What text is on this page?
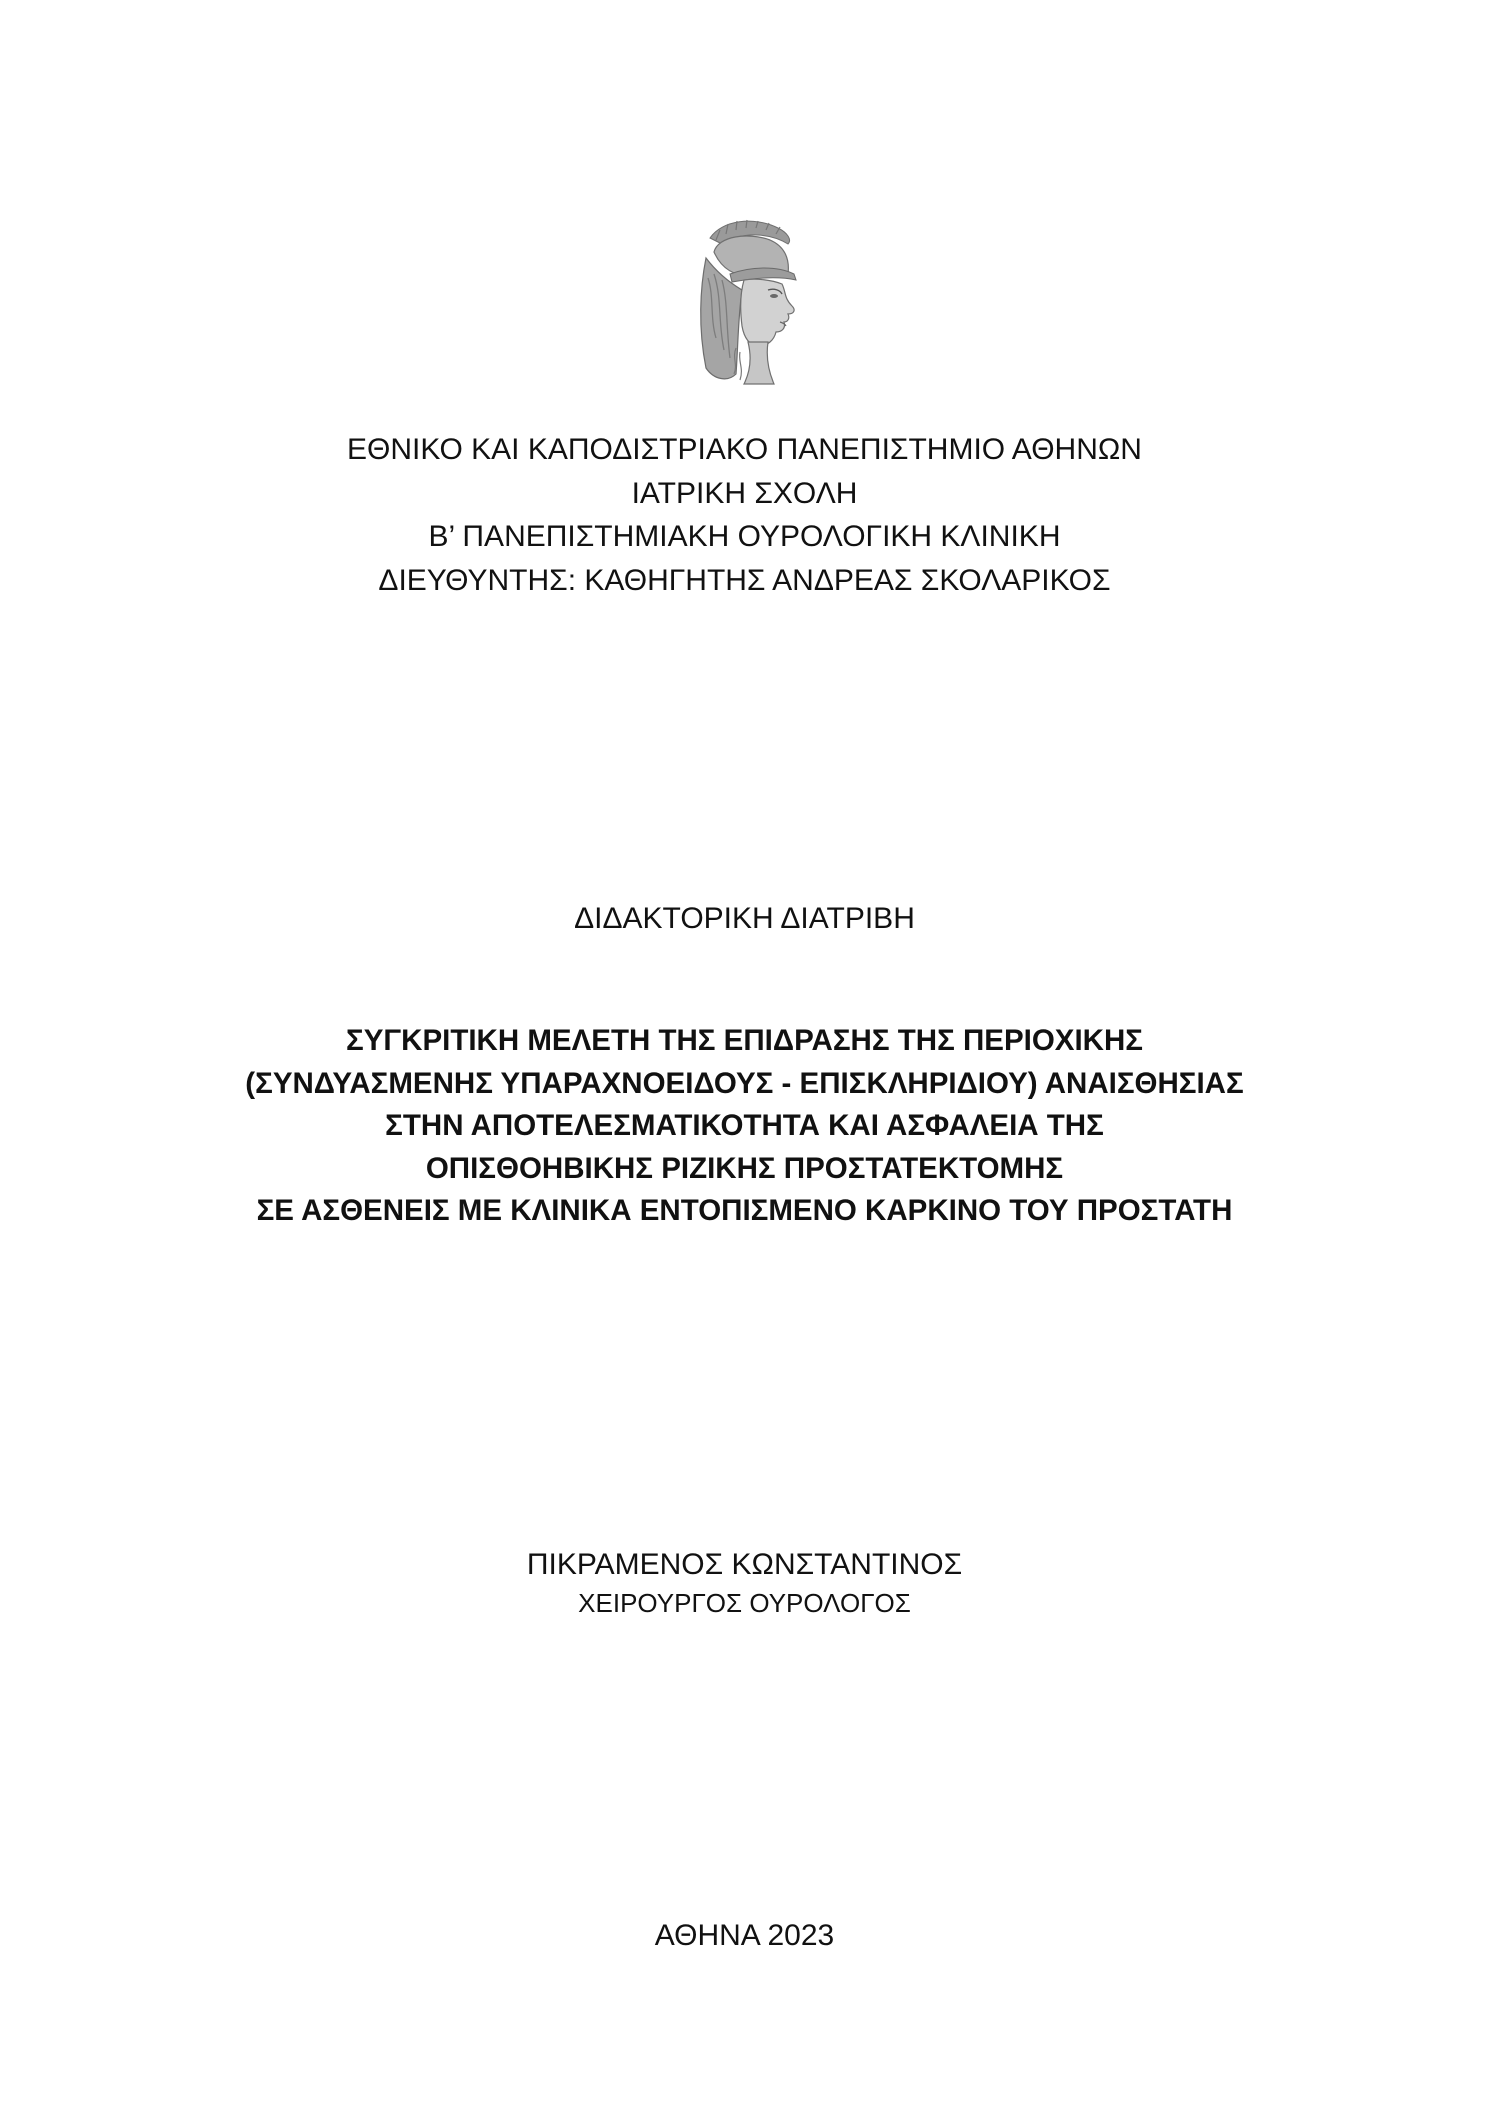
ΕΘΝΙΚΟ ΚΑΙ ΚΑΠΟΔΙΣΤΡΙΑΚΟ ΠΑΝΕΠΙΣΤΗΜΙΟ ΑΘΗΝΩΝ
ΙΑΤΡΙΚΗ ΣΧΟΛΗ
Β’ ΠΑΝΕΠΙΣΤΗΜΙΑΚΗ ΟΥΡΟΛΟΓΙΚΗ ΚΛΙΝΙΚΗ
ΔΙΕΥΘΥΝΤΗΣ: ΚΑΘΗΓΗΤΗΣ ΑΝΔΡΕΑΣ ΣΚΟΛΑΡΙΚΟΣ
ΔΙΔΑΚΤΟΡΙΚΗ ΔΙΑΤΡΙΒΗ
ΣΥΓΚΡΙΤΙΚΗ ΜΕΛΕΤΗ ΤΗΣ ΕΠΙΔΡΑΣΗΣ ΤΗΣ ΠΕΡΙΟΧΙΚΗΣ
(ΣΥΝΔΥΑΣΜΕΝΗΣ ΥΠΑΡΑΧΝΟΕΙΔΟΥΣ - ΕΠΙΣΚΛΗΡΙΔΙΟΥ) ΑΝΑΙΣΘΗΣΙΑΣ
ΣΤΗΝ ΑΠΟΤΕΛΕΣΜΑΤΙΚΟΤΗΤΑ ΚΑΙ ΑΣΦΑΛΕΙΑ ΤΗΣ
ΟΠΙΣΘΟΗΒΙΚΗΣ ΡΙΖΙΚΗΣ ΠΡΟΣΤΑΤΕΚΤΟΜΗΣ
ΣΕ ΑΣΘΕΝΕΙΣ ΜΕ ΚΛΙΝΙΚΑ ΕΝΤΟΠΙΣΜΕΝΟ ΚΑΡΚΙΝΟ ΤΟΥ ΠΡΟΣΤΑΤΗ
ΠΙΚΡΑΜΕΝΟΣ ΚΩΝΣΤΑΝΤΙΝΟΣ
ΧΕΙΡΟΥΡΓΟΣ ΟΥΡΟΛΟΓΟΣ
ΑΘΗΝΑ 2023
